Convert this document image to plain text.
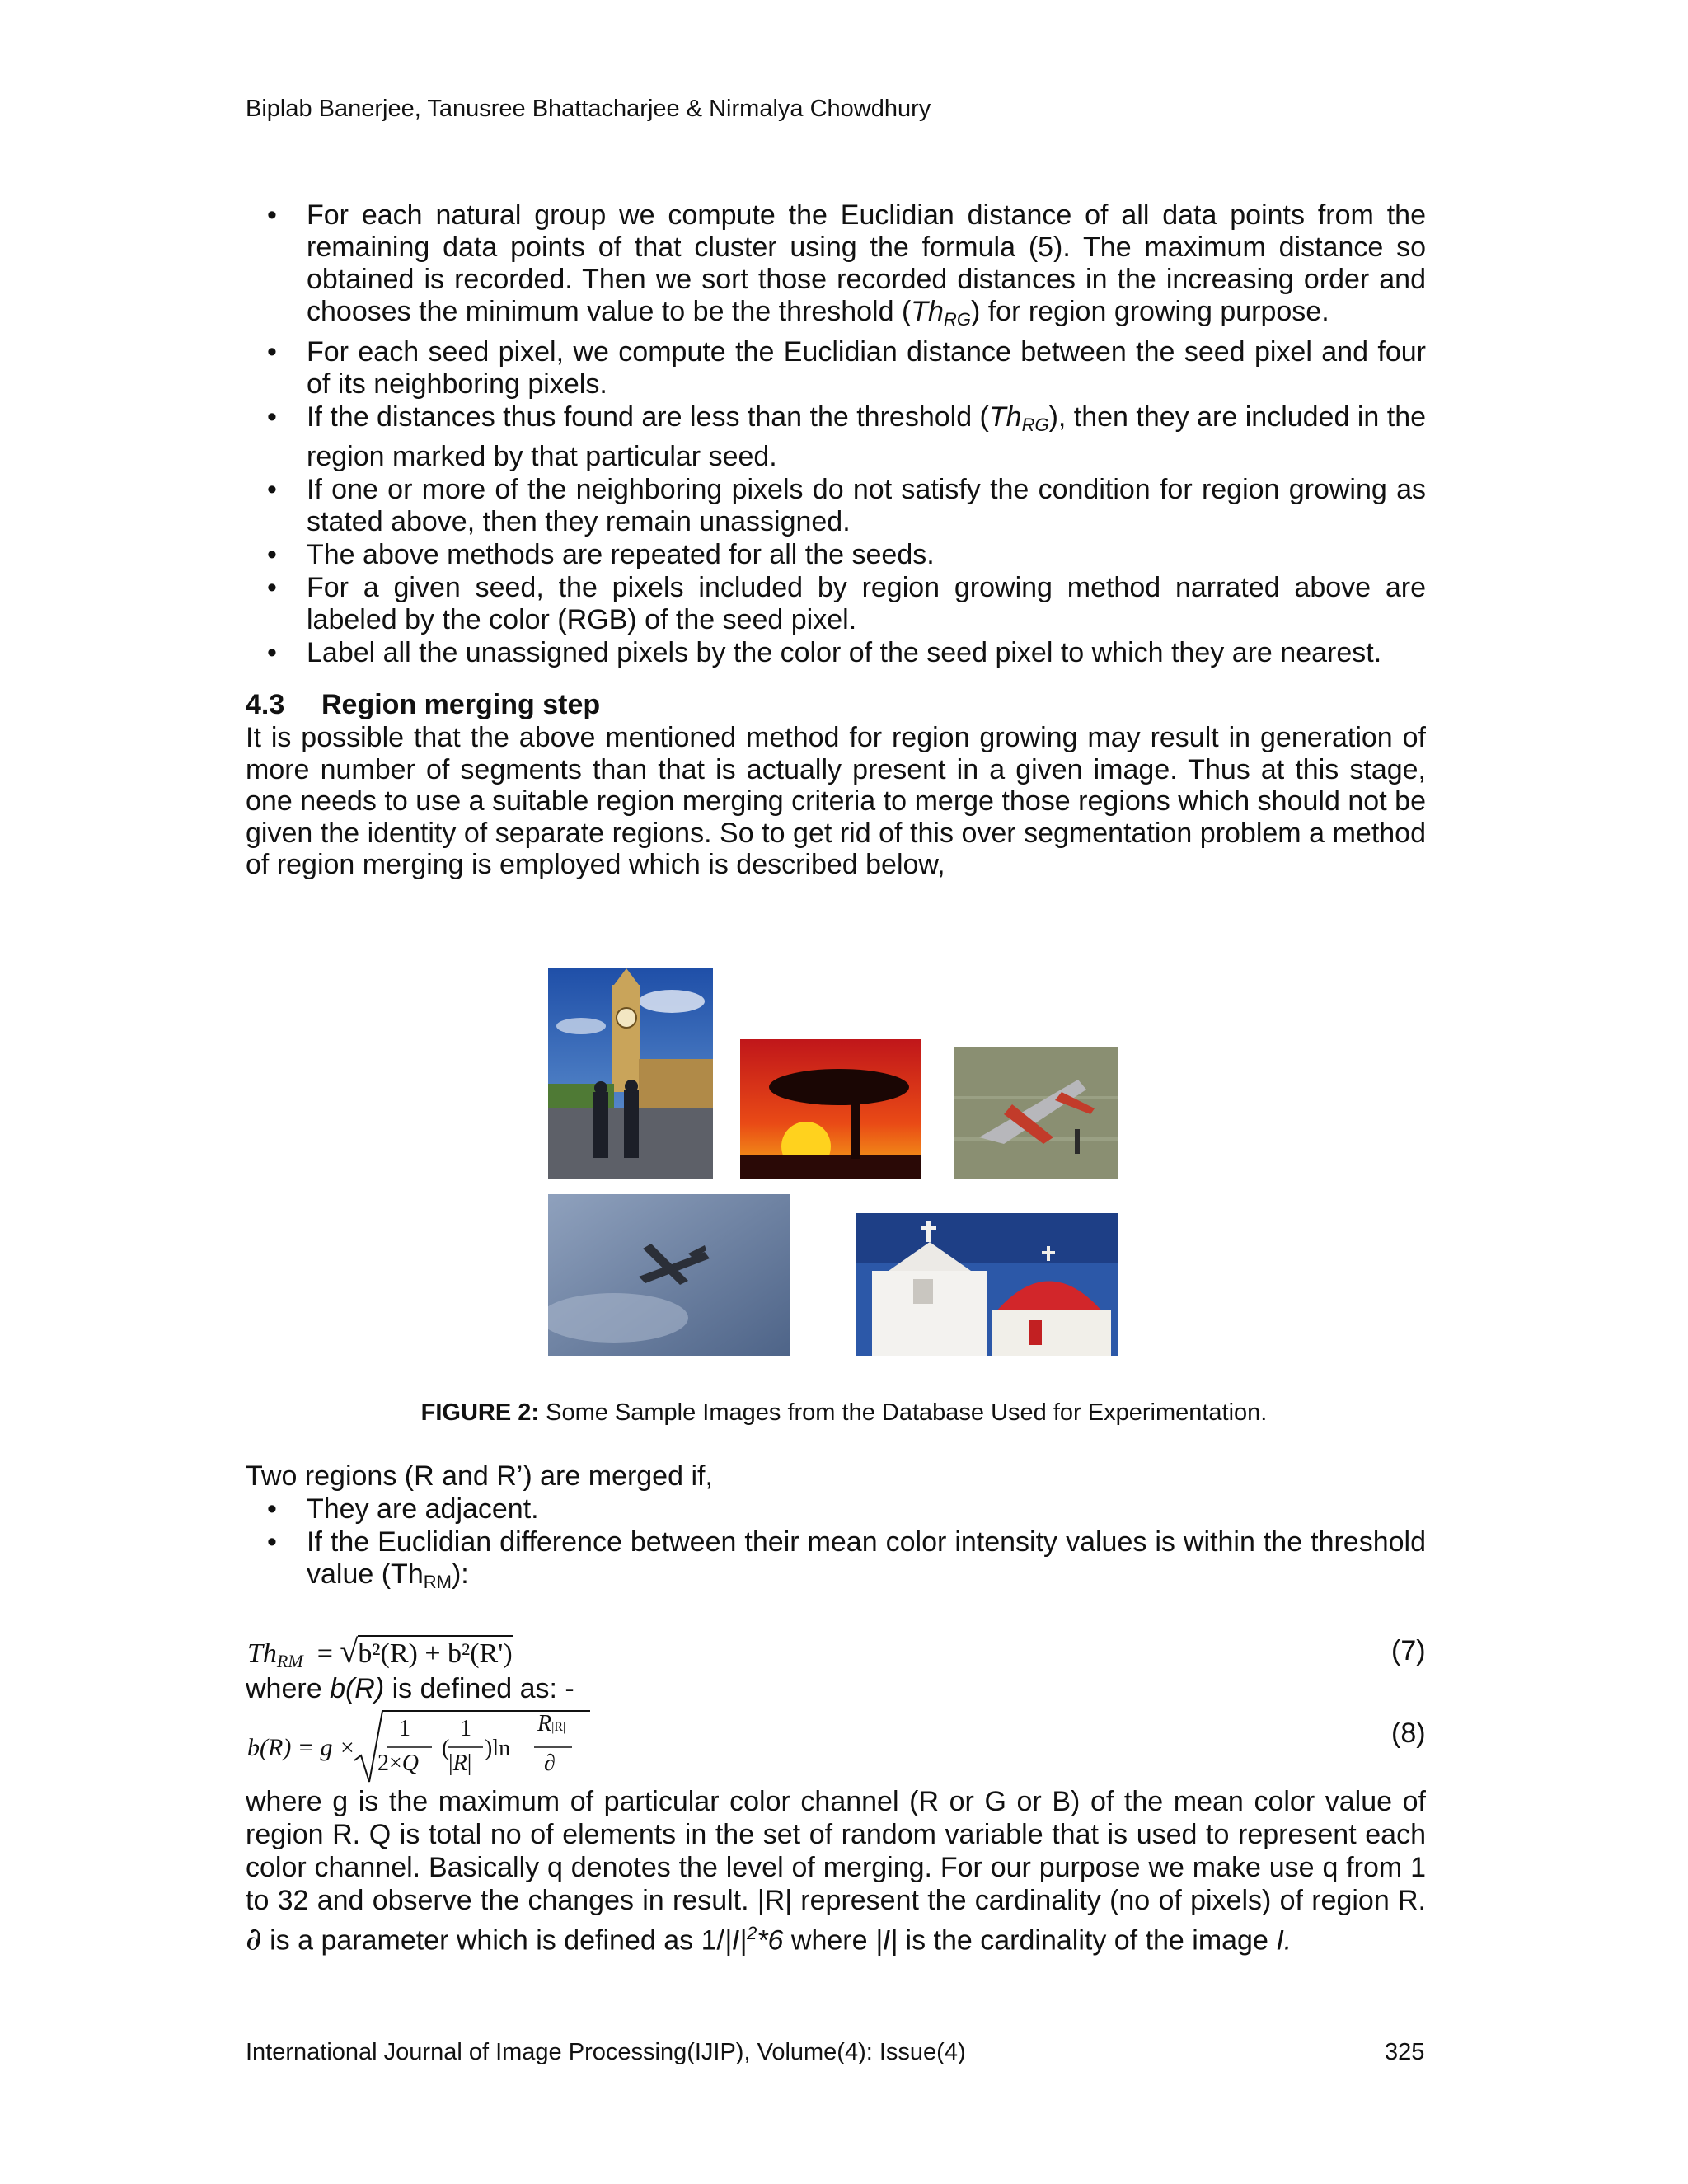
Biplab Banerjee, Tanusree Bhattacharjee & Nirmalya Chowdhury
• For each natural group we compute the Euclidian distance of all data points from the remaining data points of that cluster using the formula (5). The maximum distance so obtained is recorded. Then we sort those recorded distances in the increasing order and chooses the minimum value to be the threshold $(Th_{RG})$ for region growing purpose.
• For each seed pixel, we compute the Euclidian distance between the seed pixel and four of its neighboring pixels.
• If the distances thus found are less than the threshold $(Th_{RG})$, then they are included in the region marked by that particular seed.
• If one or more of the neighboring pixels do not satisfy the condition for region growing as stated above, then they remain unassigned.
• The above methods are repeated for all the seeds.
• For a given seed, the pixels included by region growing method narrated above are labeled by the color (RGB) of the seed pixel.
• Label all the unassigned pixels by the color of the seed pixel to which they are nearest.
4.3 Region merging step
It is possible that the above mentioned method for region growing may result in generation of more number of segments than that is actually present in a given image. Thus at this stage, one needs to use a suitable region merging criteria to merge those regions which should not be given the identity of separate regions. So to get rid of this over segmentation problem a method of region merging is employed which is described below,
FIGURE 2: Some Sample Images from the Database Used for Experimentation.
Two regions (R and R’) are merged if,
• They are adjacent.
• If the Euclidian difference between their mean color intensity values is within the threshold value $(Th_{RM})$:
$Th_{RM} = √b^2(R) + b^2(R')$	(7)
where b(R) is defined as: -
b(R) = g ×
1
2×Q
(
1
|R|
)ln
R|R|
∂
(8)
where g is the maximum of particular color channel (R or G or B) of the mean color value of region R. Q is total no of elements in the set of random variable that is used to represent each color channel. Basically q denotes the level of merging. For our purpose we make use q from 1 to 32 and observe the changes in result. |R| represent the cardinality (no of pixels) of region R. ∂ is a parameter which is defined as $1/|I|^2*6$ where |I| is the cardinality of the image I.
International Journal of Image Processing(IJIP), Volume(4): Issue(4)	325
